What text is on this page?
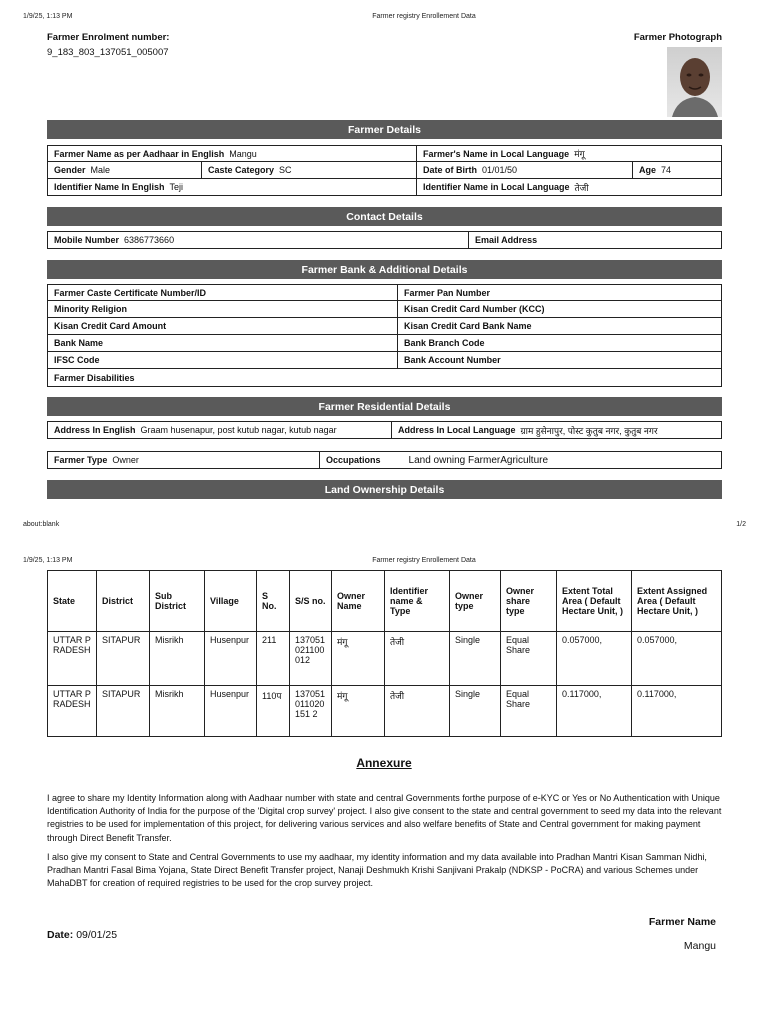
1/9/25, 1:13 PM	Farmer registry Enrollement Data
Farmer Enrolment number:
9_183_803_137051_005007
Farmer Photograph
Farmer Details
Farmer Name as per Aadhaar in English Mangu	Farmer's Name in Local Language मंगू
Gender Male	Caste Category SC	Date of Birth 01/01/50	Age 74
Identifier Name In English Teji	Identifier Name in Local Language तेजी
Contact Details
Mobile Number 6386773660	Email Address
Farmer Bank & Additional Details
Farmer Caste Certificate Number/ID	Farmer Pan Number
Minority Religion	Kisan Credit Card Number (KCC)
Kisan Credit Card Amount	Kisan Credit Card Bank Name
Bank Name	Bank Branch Code
IFSC Code	Bank Account Number
Farmer Disabilities
Farmer Residential Details
Address In English Graam husenapur, post kutub nagar, kutub nagar	Address In Local Language ग्राम हुसेनापुर, पोस्ट कुतुब नगर, कुतुब नगर
Farmer Type Owner	Occupations	Land owning FarmerAgriculture
Land Ownership Details
about:blank	1/2
1/9/25, 1:13 PM	Farmer registry Enrollement Data
State	District	Sub District	Village	S No.	S/S no.	Owner Name	Identifier name & Type	Owner type	Owner share type	Extent Total Area ( Default Hectare Unit, )	Extent Assigned Area ( Default Hectare Unit, )
UTTAR PRADESH	SITAPUR	Misrikh	Husenpur	211	137051021100012	मंगू	तेजी	Single	Equal Share	0.057000,	0.057000,
UTTAR PRADESH	SITAPUR	Misrikh	Husenpur	110प	137051011020151 2	मंगू	तेजी	Single	Equal Share	0.117000,	0.117000,
Annexure
I agree to share my Identity Information along with Aadhaar number with state and central Governments forthe purpose of e-KYC or Yes or No Authentication with Unique Identification Authority of India for the purpose of the 'Digital crop survey' project. I also give consent to the state and central government to seed my data into the relevant registries to be used for implementation of this project, for delivering various services and also welfare benefits of State and Central government for making payment through Direct Benefit Transfer.
I also give my consent to State and Central Governments to use my aadhaar, my identity information and my data available into Pradhan Mantri Kisan Samman Nidhi, Pradhan Mantri Fasal Bima Yojana, State Direct Benefit Transfer project, Nanaji Deshmukh Krishi Sanjivani Prakalp (NDKSP - PoCRA) and various Schemes under MahaDBT for creation of required registries to be used for the crop survey project.
Farmer Name
Date: 09/01/25
Mangu
